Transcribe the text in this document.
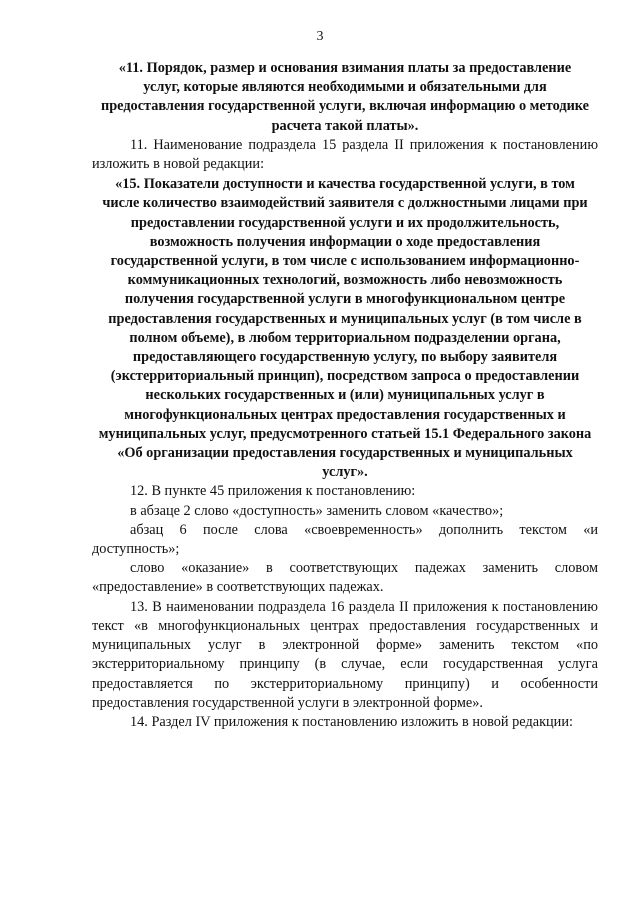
3

«11. Порядок, размер и основания взимания платы за предоставление услуг, которые являются необходимыми и обязательными для предоставления государственной услуги, включая информацию о методике расчета такой платы».

11. Наименование подраздела 15 раздела II приложения к постановлению изложить в новой редакции:

«15. Показатели доступности и качества государственной услуги, в том числе количество взаимодействий заявителя с должностными лицами при предоставлении государственной услуги и их продолжительность, возможность получения информации о ходе предоставления государственной услуги, в том числе с использованием информационно-коммуникационных технологий, возможность либо невозможность получения государственной услуги в многофункциональном центре предоставления государственных и муниципальных услуг (в том числе в полном объеме), в любом территориальном подразделении органа, предоставляющего государственную услугу, по выбору заявителя (экстерриториальный принцип), посредством запроса о предоставлении нескольких государственных и (или) муниципальных услуг в многофункциональных центрах предоставления государственных и муниципальных услуг, предусмотренного статьей 15.1 Федерального закона «Об организации предоставления государственных и муниципальных услуг».

12. В пункте 45 приложения к постановлению:

в абзаце 2 слово «доступность» заменить словом «качество»;

абзац 6 после слова «своевременность» дополнить текстом «и доступность»;

слово «оказание» в соответствующих падежах заменить словом «предоставление» в соответствующих падежах.

13. В наименовании подраздела 16 раздела II приложения к постановлению текст «в многофункциональных центрах предоставления государственных и муниципальных услуг в электронной форме» заменить текстом «по экстерриториальному принципу (в случае, если государственная услуга предоставляется по экстерриториальному принципу) и особенности предоставления государственной услуги в электронной форме».

14. Раздел IV приложения к постановлению изложить в новой редакции:
